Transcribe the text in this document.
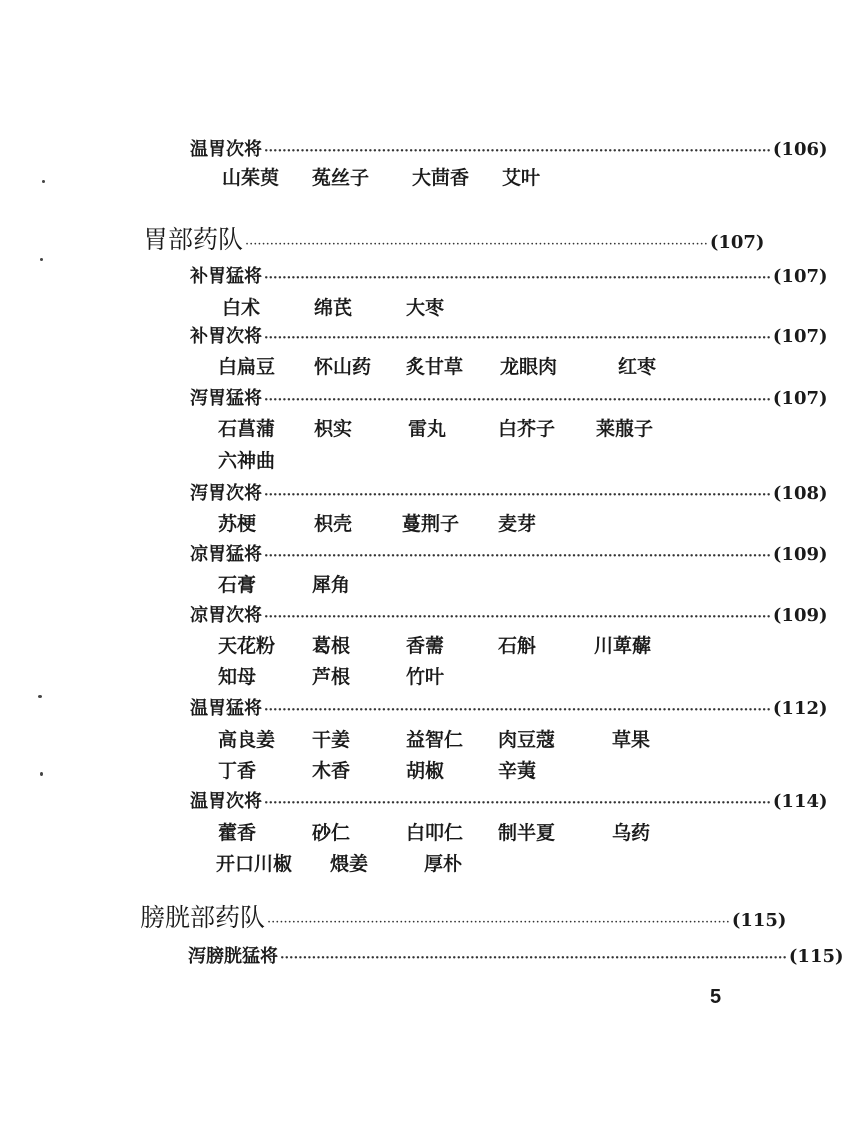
温胃次将 ················································································································ (106)
山茱萸 菟丝子 大茴香 艾叶
胃部药队 ················································································································ (107)
补胃猛将 ················································································································ (107)
白术	绵芪	大枣
补胃次将 ················································································································ (107)
白扁豆 怀山药 炙甘草 龙眼肉	红枣
泻胃猛将 ················································································································ (107)
石菖蒲 枳实	雷丸	白芥子 莱菔子
六神曲
泻胃次将 ················································································································ (108)
苏梗	枳壳	蔓荆子 麦芽
凉胃猛将 ················································································································ (109)
石膏	犀角
凉胃次将 ················································································································ (109)
天花粉 葛根	香薷	石斛	川萆薢
知母	芦根	竹叶
温胃猛将 ················································································································ (112)
高良姜 干姜	益智仁 肉豆蔻	草果
丁香	木香	胡椒	辛荑
温胃次将 ················································································································ (114)
藿香	砂仁	白叩仁 制半夏	乌药
开口川椒 煨姜	厚朴
膀胱部药队 ················································································································ (115)
泻膀胱猛将 ················································································································ (115)
5
